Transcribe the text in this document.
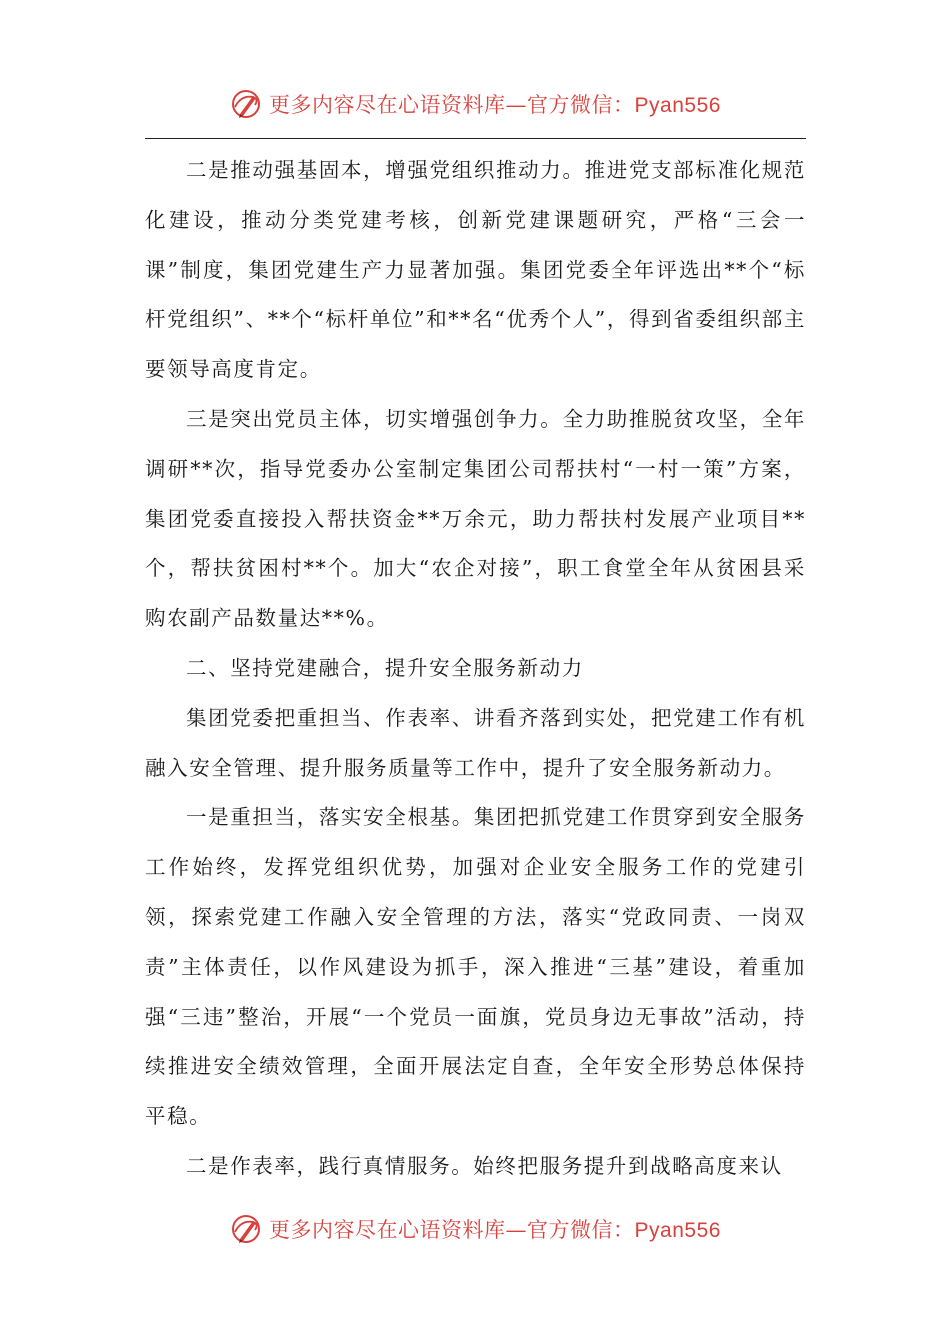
更多内容尽在心语资料库—官方微信：Pyan556

二是推动强基固本，增强党组织推动力。推进党支部标准化规范化建设，推动分类党建考核，创新党建课题研究，严格“三会一课”制度，集团党建生产力显著加强。集团党委全年评选出**个“标杆党组织”、**个“标杆单位”和**名“优秀个人”，得到省委组织部主要领导高度肯定。

三是突出党员主体，切实增强创争力。全力助推脱贫攻坚，全年调研**次，指导党委办公室制定集团公司帮扶村“一村一策”方案，集团党委直接投入帮扶资金**万余元，助力帮扶村发展产业项目**个，帮扶贫困村**个。加大“农企对接”，职工食堂全年从贫困县采购农副产品数量达**%。

二、坚持党建融合，提升安全服务新动力

集团党委把重担当、作表率、讲看齐落到实处，把党建工作有机融入安全管理、提升服务质量等工作中，提升了安全服务新动力。

一是重担当，落实安全根基。集团把抓党建工作贯穿到安全服务工作始终，发挥党组织优势，加强对企业安全服务工作的党建引领，探索党建工作融入安全管理的方法，落实“党政同责、一岗双责”主体责任，以作风建设为抓手，深入推进“三基”建设，着重加强“三违”整治，开展“一个党员一面旗，党员身边无事故”活动，持续推进安全绩效管理，全面开展法定自查，全年安全形势总体保持平稳。

二是作表率，践行真情服务。始终把服务提升到战略高度来认

更多内容尽在心语资料库—官方微信：Pyan556
